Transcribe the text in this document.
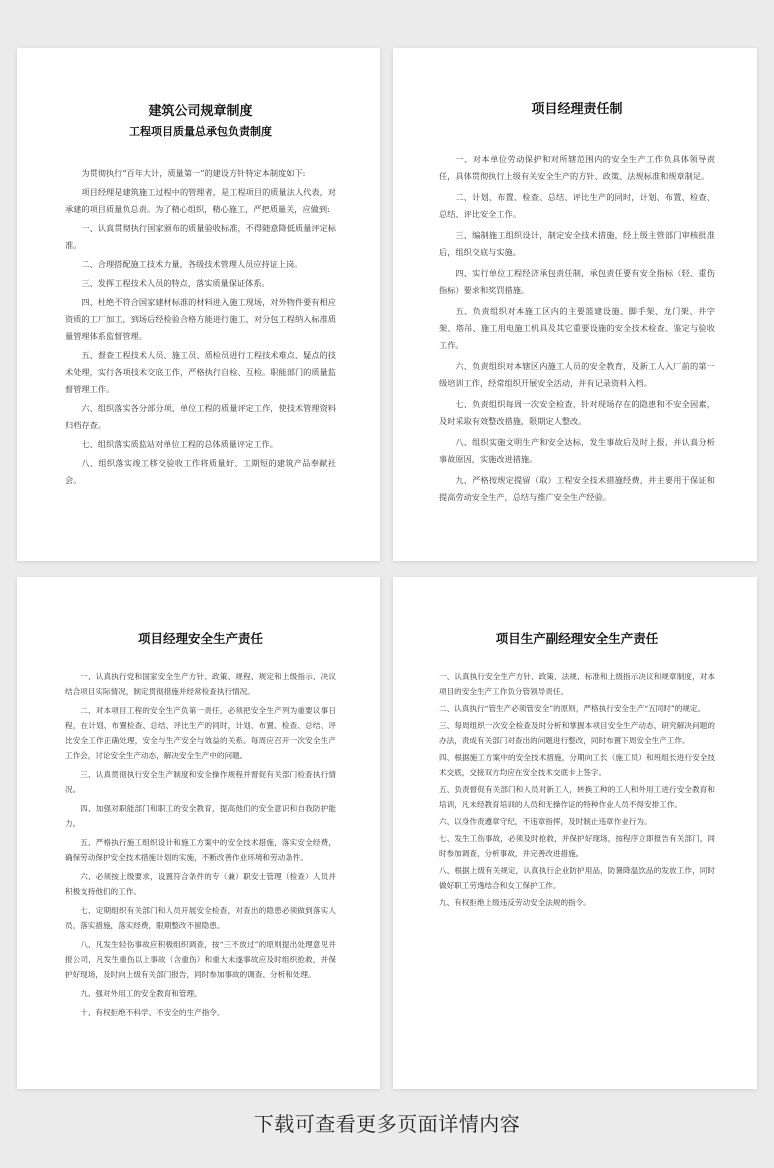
建筑公司规章制度
工程项目质量总承包负责制度

为贯彻执行“百年大计，质量第一”的建设方针特定本制度如下:

项目经理是建筑施工过程中的管理者，是工程项目的质量法人代表，对承建的项目质量负总责。为了精心组织，精心施工，严把质量关，应做到:

一、认真贯彻执行国家颁布的质量验收标准，不得随意降低质量评定标准。

二、合理搭配施工技术力量，各级技术管理人员应持证上岗。

三、发挥工程技术人员的特点，落实质量保证体系。

四、杜绝不符合国家建材标准的材料进入施工现场，对外物件要有相应资质的工厂加工，到场后经检验合格方能进行施工，对分包工程纳入标准质量管理体系监督管理。

五、督查工程技术人员、施工员、质检员进行工程技术难点、疑点的技术处理，实行各项技术交底工作，严格执行自检、互检。职能部门的质量监督管理工作。

六、组织落实各分部分项、单位工程的质量评定工作，使技术管理资料归档存查。

七、组织落实质监站对单位工程的总体质量评定工作。

八、组织落实竣工移交验收工作将质量好、工期短的建筑产品奉献社会。

项目经理责任制

一、对本单位劳动保护和对所辖范围内的安全生产工作负具体领导责任，具体贯彻执行上级有关安全生产的方针、政策、法规标准和规章制足。

二、计划、布置、检查、总结、评比生产的同时，计划、布置、检查、总结、评比安全工作。

三、编制施工组织设计，制定安全技术措施，经上级主管部门审核批准后，组织交底与实施。

四、实行单位工程经济承包责任制，承包责任要有安全指标（轻、重伤指标）要求和奖罚措施。

五、负责组织对本施工区内的主要篮建设施、脚手架、龙门架、井字架、塔吊、施工用电施工机具及其它重要设施的安全技术检查、鉴定与验收工作。

六、负责组织对本辖区内施工人员的安全教育，及新工人入厂前的第一级培训工作，经常组织开展安全活动，并有记录资料入档。

七、负责组织每周一次安全检查，针对现场存在的隐患和不安全因素，及时采取有效整改措施，限期定人整改。

八、组织实施文明生产和安全达标，发生事故后及时上报，并认真分析事故原因，实施改进措施。

九、严格按规定提留（取）工程安全技术措施经费，并主要用于保证和提高劳动安全生产，总结与推广安全生产经验。

项目经理安全生产责任

一、认真执行党和国家安全生产方针、政策、规程、规定和上级指示、决议结合项目实际情况，制定贯彻措施并经常检查执行情况。

二、对本项目工程的安全生产负第一责任，必须把安全生产列为重要议事日程，在计划、布置检查、总结、评比生产的同时，计划、布置、检查、总结、评比安全工作正确处理，安全与生产安全与效益的关系。每周应召开一次安全生产工作会，讨论安全生产动态，解决安全生产中的问题。

三、认真贯彻执行安全生产制度和安全操作规程并督促有关部门检查执行情况。

四、加强对职能部门和职工的安全教育，提高他们的安全意识和自我防护能力。

五、严格执行施工组织设计和施工方案中的安全技术措施，落实安全经费，确保劳动保护安全技术措施计划的实施，不断改善作业环境和劳动条件。

六、必须按上级要求，设置符合条件的专（兼）职安士管理（检查）人员并积极支持他们的工作。

七、定期组织有关部门和人员开展安全检查，对查出的隐患必须做到落实人员，落实措施，落实经费，限期整改不留隐患。

八、凡发生轻伤事故应积极组织调查，按“三不放过”的原则提出处理意见并报公司，凡发生重伤以上事故（含重伤）和重大未遂事故应及时组织抢救，并保护好现场，及时向上级有关部门报告，同时参加事故的调查、分析和处理。

九、强对外用工的安全教育和管理。

十、有权拒绝不科学、不安全的生产指令。

项目生产副经理安全生产责任

一、认真执行安全生产方针、政策、法规、标准和上级指示决议和规章制度，对本项目的安全生产工作负分管领导责任。

二、认真执行“管生产必须管安全”的原则，严格执行安全生产“五同时”的规定。

三、每周组织一次安全检查及时分析和掌握本项目安全生产动态，研究解决问题的办法，责成有关部门对查出的问题进行整改，同时布置下周安全生产工作。

四、根据施工方案中的安全技术措施，分期向工长（施工员）和班组长进行安全技术交底，交接双方均应在安全技术交底卡上签字。

五、负责督促有关部门和人员对新工人，转换工种的工人和外用工进行安全教育和培训，凡未经教育培训的人员和无操作证的特种作业人员不得安排工作。

六、以身作责遵章守纪，不违章指挥，及时制止违章作业行为。

七、发生工伤事故，必须及时抢救，并保护好现场，按程序立即报告有关部门，同时参加调查，分析事故，并完善改进措施。

八、根据上级有关规定，认真执行企业防护用品，防暑降温饮品的发放工作，同时做好职工劳逸结合和女工保护工作。

九、有权拒绝上级违反劳动安全法规的指令。

下载可查看更多页面详情内容
